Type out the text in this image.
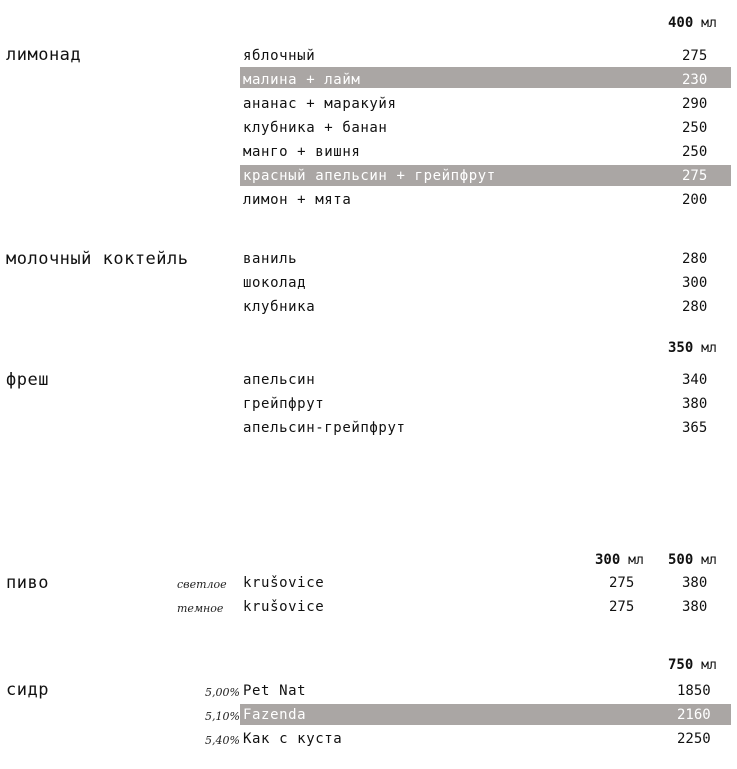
400 мл
лимонад	яблочный	275
малина + лайм	230
ананас + маракуйя	290
клубника + банан	250
манго + вишня	250
красный апельсин + грейпфрут	275
лимон + мята	200
молочный коктейль	ваниль	280
шоколад	300
клубника	280
350 мл
фреш	апельсин	340
грейпфрут	380
апельсин-грейпфрут	365
300 мл 500 мл
пиво	светлое krušovice	275	380
темное krušovice	275	380
750 мл
сидр	5,00% Pet Nat	1850
5,10% Fazenda	2160
5,40% Как с куста	2250
